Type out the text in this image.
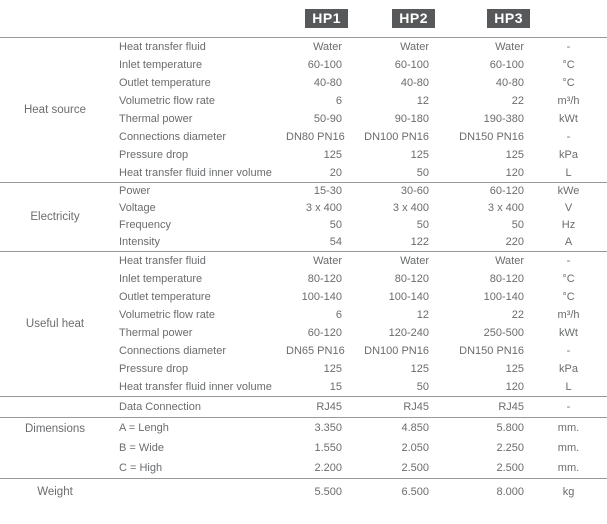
		HP1	HP2	HP3	
Heat source	Heat transfer fluid	Water	Water	Water	-
	Inlet temperature	60-100	60-100	60-100	°C
	Outlet temperature	40-80	40-80	40-80	°C
	Volumetric flow rate	6	12	22	m³/h
	Thermal power	50-90	90-180	190-380	kWt
	Connections diameter	DN80 PN16	DN100 PN16	DN150 PN16	-
	Pressure drop	125	125	125	kPa
	Heat transfer fluid inner volume	20	50	120	L
Electricity	Power	15-30	30-60	60-120	kWe
	Voltage	3 x 400	3 x 400	3 x 400	V
	Frequency	50	50	50	Hz
	Intensity	54	122	220	A
Useful heat	Heat transfer fluid	Water	Water	Water	-
	Inlet temperature	80-120	80-120	80-120	°C
	Outlet temperature	100-140	100-140	100-140	°C
	Volumetric flow rate	6	12	22	m³/h
	Thermal power	60-120	120-240	250-500	kWt
	Connections diameter	DN65 PN16	DN100 PN16	DN150 PN16	-
	Pressure drop	125	125	125	kPa
	Heat transfer fluid inner volume	15	50	120	L
	Data Connection	RJ45	RJ45	RJ45	-
Dimensions	A = Lengh	3.350	4.850	5.800	mm.
	B = Wide	1.550	2.050	2.250	mm.
	C = High	2.200	2.500	2.500	mm.
Weight		5.500	6.500	8.000	kg
